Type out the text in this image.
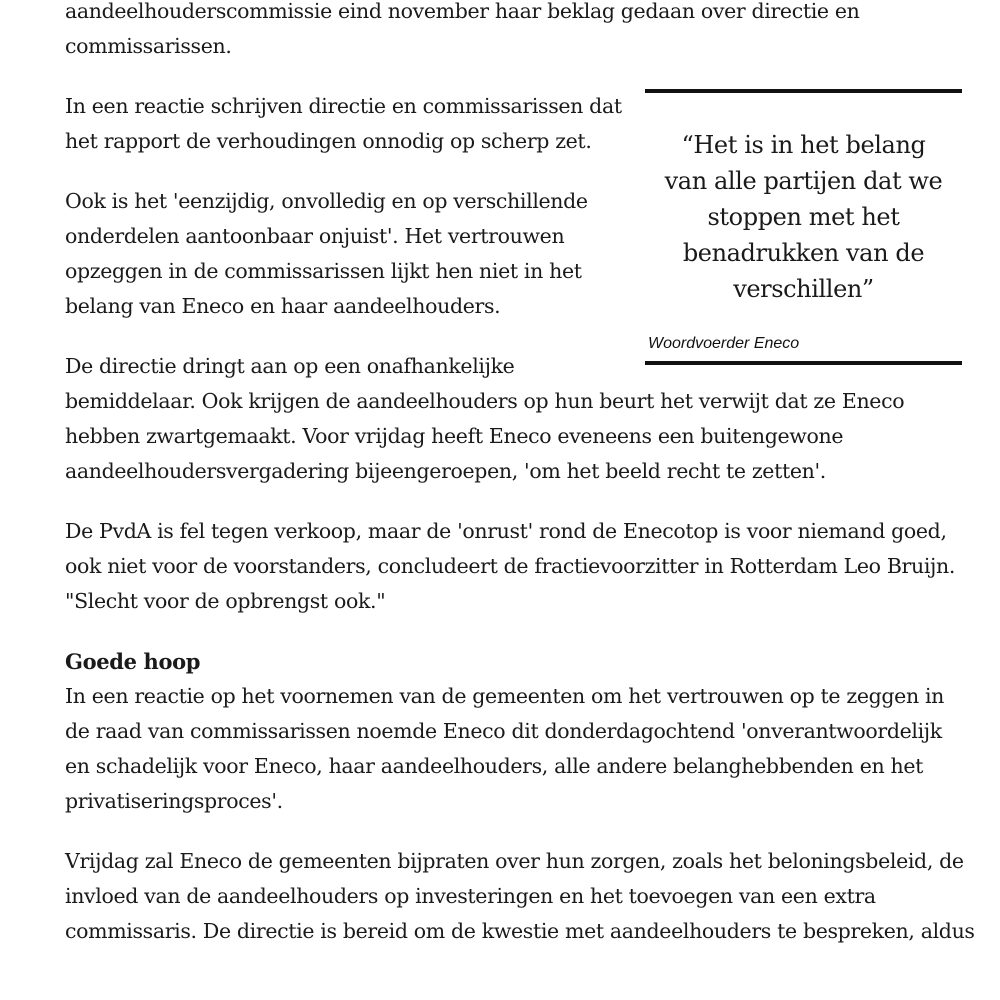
aandeelhouderscommissie eind november haar beklag gedaan over directie en commissarissen.

In een reactie schrijven directie en commissarissen dat het rapport de verhoudingen onnodig op scherp zet.

Ook is het 'eenzijdig, onvolledig en op verschillende onderdelen aantoonbaar onjuist'. Het vertrouwen opzeggen in de commissarissen lijkt hen niet in het belang van Eneco en haar aandeelhouders.

De directie dringt aan op een onafhankelijke
bemiddelaar. Ook krijgen de aandeelhouders op hun beurt het verwijt dat ze Eneco hebben zwartgemaakt. Voor vrijdag heeft Eneco eveneens een buitengewone aandeelhoudersvergadering bijeengeroepen, 'om het beeld recht te zetten'.

De PvdA is fel tegen verkoop, maar de 'onrust' rond de Enecotop is voor niemand goed, ook niet voor de voorstanders, concludeert de fractievoorzitter in Rotterdam Leo Bruijn. "Slecht voor de opbrengst ook."

Goede hoop

In een reactie op het voornemen van de gemeenten om het vertrouwen op te zeggen in de raad van commissarissen noemde Eneco dit donderdagochtend 'onverantwoordelijk en schadelijk voor Eneco, haar aandeelhouders, alle andere belanghebbenden en het privatiseringsproces'.

Vrijdag zal Eneco de gemeenten bijpraten over hun zorgen, zoals het beloningsbeleid, de invloed van de aandeelhouders op investeringen en het toevoegen van een extra
commissaris. De directie is bereid om de kwestie met aandeelhouders te bespreken, aldus

“Het is in het belang van alle partijen dat we stoppen met het benadrukken van de verschillen”
Woordvoerder Eneco
